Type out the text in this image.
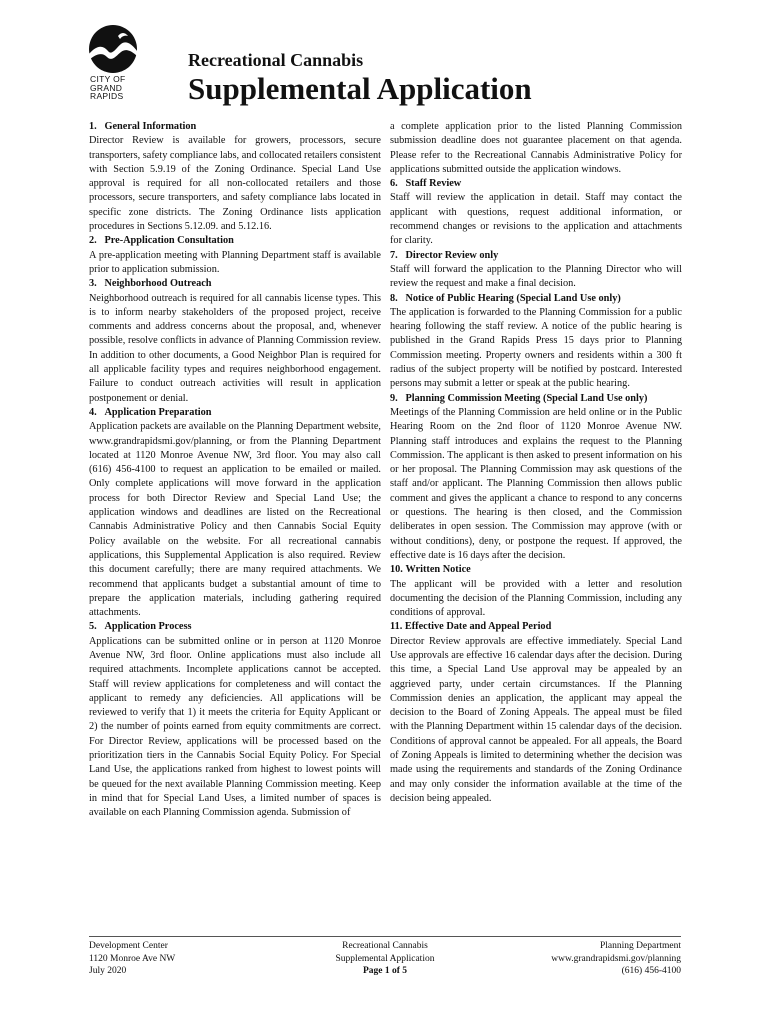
CITY OF
GRAND
RAPIDS
Recreational Cannabis
Supplemental Application
1.   General Information

Director Review is available for growers, processors, secure transporters, safety compliance labs, and collocated retailers consistent with Section 5.9.19 of the Zoning Ordinance. Special Land Use approval is required for all non-collocated retailers and those processors, secure transporters, and safety compliance labs located in specific zone districts. The Zoning Ordinance lists application procedures in Sections 5.12.09. and 5.12.16.

2.   Pre-Application Consultation

A pre-application meeting with Planning Department staff is available prior to application submission.

3.   Neighborhood Outreach

Neighborhood outreach is required for all cannabis license types. This is to inform nearby stakeholders of the proposed project, receive comments and address concerns about the proposal, and, whenever possible, resolve conflicts in advance of Planning Commission review. In addition to other documents, a Good Neighbor Plan is required for all applicable facility types and requires neighborhood engagement. Failure to conduct outreach activities will result in application postponement or denial.

4.   Application Preparation

Application packets are available on the Planning Department website, www.grandrapidsmi.gov/planning, or from the Planning Department located at 1120 Monroe Avenue NW, 3rd floor. You may also call (616) 456-4100 to request an application to be emailed or mailed. Only complete applications will move forward in the application process for both Director Review and Special Land Use; the application windows and deadlines are listed on the Recreational Cannabis Administrative Policy and then Cannabis Social Equity Policy available on the website. For all recreational cannabis applications, this Supplemental Application is also required. Review this document carefully; there are many required attachments. We recommend that applicants budget a substantial amount of time to prepare the application materials, including gathering required attachments.

5.   Application Process

Applications can be submitted online or in person at 1120 Monroe Avenue NW, 3rd floor. Online applications must also include all required attachments. Incomplete applications cannot be accepted. Staff will review applications for completeness and will contact the applicant to remedy any deficiencies. All applications will be reviewed to verify that 1) it meets the criteria for Equity Applicant or 2) the number of points earned from equity commitments are correct. For Director Review, applications will be processed based on the prioritization tiers in the Cannabis Social Equity Policy. For Special Land Use, the applications ranked from highest to lowest points will be queued for the next available Planning Commission meeting. Keep in mind that for Special Land Uses, a limited number of spaces is available on each Planning Commission agenda. Submission of

a complete application prior to the listed Planning Commission submission deadline does not guarantee placement on that agenda. Please refer to the Recreational Cannabis Administrative Policy for applications submitted outside the application windows.

6.   Staff Review

Staff will review the application in detail. Staff may contact the applicant with questions, request additional information, or recommend changes or revisions to the application and attachments for clarity.

7.   Director Review only

Staff will forward the application to the Planning Director who will review the request and make a final decision.

8.   Notice of Public Hearing (Special Land Use only)

The application is forwarded to the Planning Commission for a public hearing following the staff review. A notice of the public hearing is published in the Grand Rapids Press 15 days prior to Planning Commission meeting. Property owners and residents within a 300 ft radius of the subject property will be notified by postcard. Interested persons may submit a letter or speak at the public hearing.

9.   Planning Commission Meeting (Special Land Use only)

Meetings of the Planning Commission are held online or in the Public Hearing Room on the 2nd floor of 1120 Monroe Avenue NW. Planning staff introduces and explains the request to the Planning Commission. The applicant is then asked to present information on his or her proposal. The Planning Commission may ask questions of the staff and/or applicant. The Planning Commission then allows public comment and gives the applicant a chance to respond to any concerns or questions. The hearing is then closed, and the Commission deliberates in open session. The Commission may approve (with or without conditions), deny, or postpone the request. If approved, the effective date is 16 days after the decision.

10. Written Notice

The applicant will be provided with a letter and resolution documenting the decision of the Planning Commission, including any conditions of approval.

11. Effective Date and Appeal Period

Director Review approvals are effective immediately. Special Land Use approvals are effective 16 calendar days after the decision. During this time, a Special Land Use approval may be appealed by an aggrieved party, under certain circumstances. If the Planning Commission denies an application, the applicant may appeal the decision to the Board of Zoning Appeals. The appeal must be filed with the Planning Department within 15 calendar days of the decision. Conditions of approval cannot be appealed. For all appeals, the Board of Zoning Appeals is limited to determining whether the decision was made using the requirements and standards of the Zoning Ordinance and may only consider the information available at the time of the decision being appealed.

Development Center
1120 Monroe Ave NW
July 2020
Recreational Cannabis
Supplemental Application
Page 1 of 5
Planning Department
www.grandrapidsmi.gov/planning
(616) 456-4100
